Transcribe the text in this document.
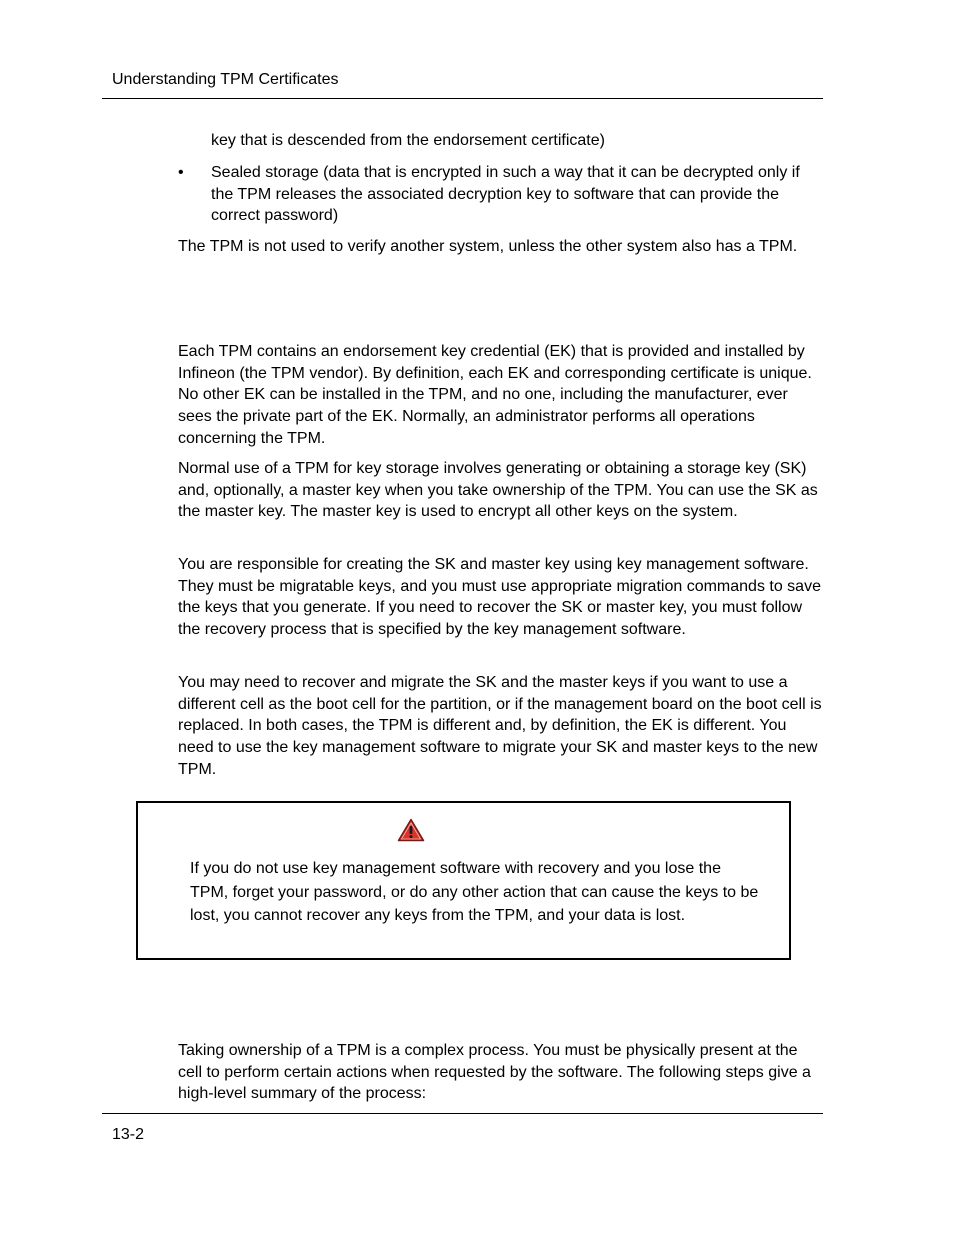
Understanding TPM Certificates
key that is descended from the endorsement certificate)
• Sealed storage (data that is encrypted in such a way that it can be decrypted only if the TPM releases the associated decryption key to software that can provide the correct password)
The TPM is not used to verify another system, unless the other system also has a TPM.
Each TPM contains an endorsement key credential (EK) that is provided and installed by Infineon (the TPM vendor). By definition, each EK and corresponding certificate is unique. No other EK can be installed in the TPM, and no one, including the manufacturer, ever sees the private part of the EK. Normally, an administrator performs all operations concerning the TPM.
Normal use of a TPM for key storage involves generating or obtaining a storage key (SK) and, optionally, a master key when you take ownership of the TPM. You can use the SK as the master key. The master key is used to encrypt all other keys on the system.
You are responsible for creating the SK and master key using key management software. They must be migratable keys, and you must use appropriate migration commands to save the keys that you generate. If you need to recover the SK or master key, you must follow the recovery process that is specified by the key management software.
You may need to recover and migrate the SK and the master keys if you want to use a different cell as the boot cell for the partition, or if the management board on the boot cell is replaced. In both cases, the TPM is different and, by definition, the EK is different. You need to use the key management software to migrate your SK and master keys to the new TPM.
If you do not use key management software with recovery and you lose the TPM, forget your password, or do any other action that can cause the keys to be lost, you cannot recover any keys from the TPM, and your data is lost.
Taking ownership of a TPM is a complex process. You must be physically present at the cell to perform certain actions when requested by the software. The following steps give a high-level summary of the process:
13-2
